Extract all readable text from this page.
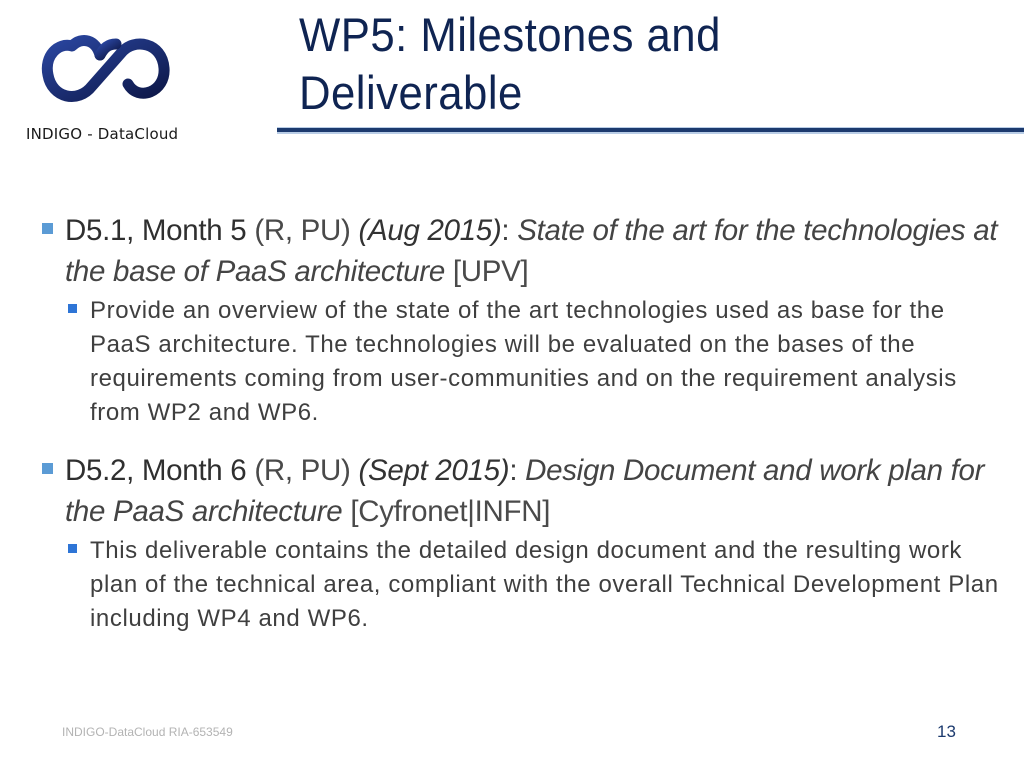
INDIGO - DataCloud
WP5: Milestones and
Deliverable
D5.1, Month 5 (R, PU) (Aug 2015): State of the art for the technologies at the base of PaaS architecture [UPV]
Provide an overview of the state of the art technologies used as base for the PaaS architecture. The technologies will be evaluated on the bases of the requirements coming from user-communities and on the requirement analysis from WP2 and WP6.
D5.2, Month 6 (R, PU) (Sept 2015): Design Document and work plan for the PaaS architecture [Cyfronet|INFN]
This deliverable contains the detailed design document and the resulting work plan of the technical area, compliant with the overall Technical Development Plan including WP4 and WP6.
INDIGO-DataCloud RIA-653549	13
